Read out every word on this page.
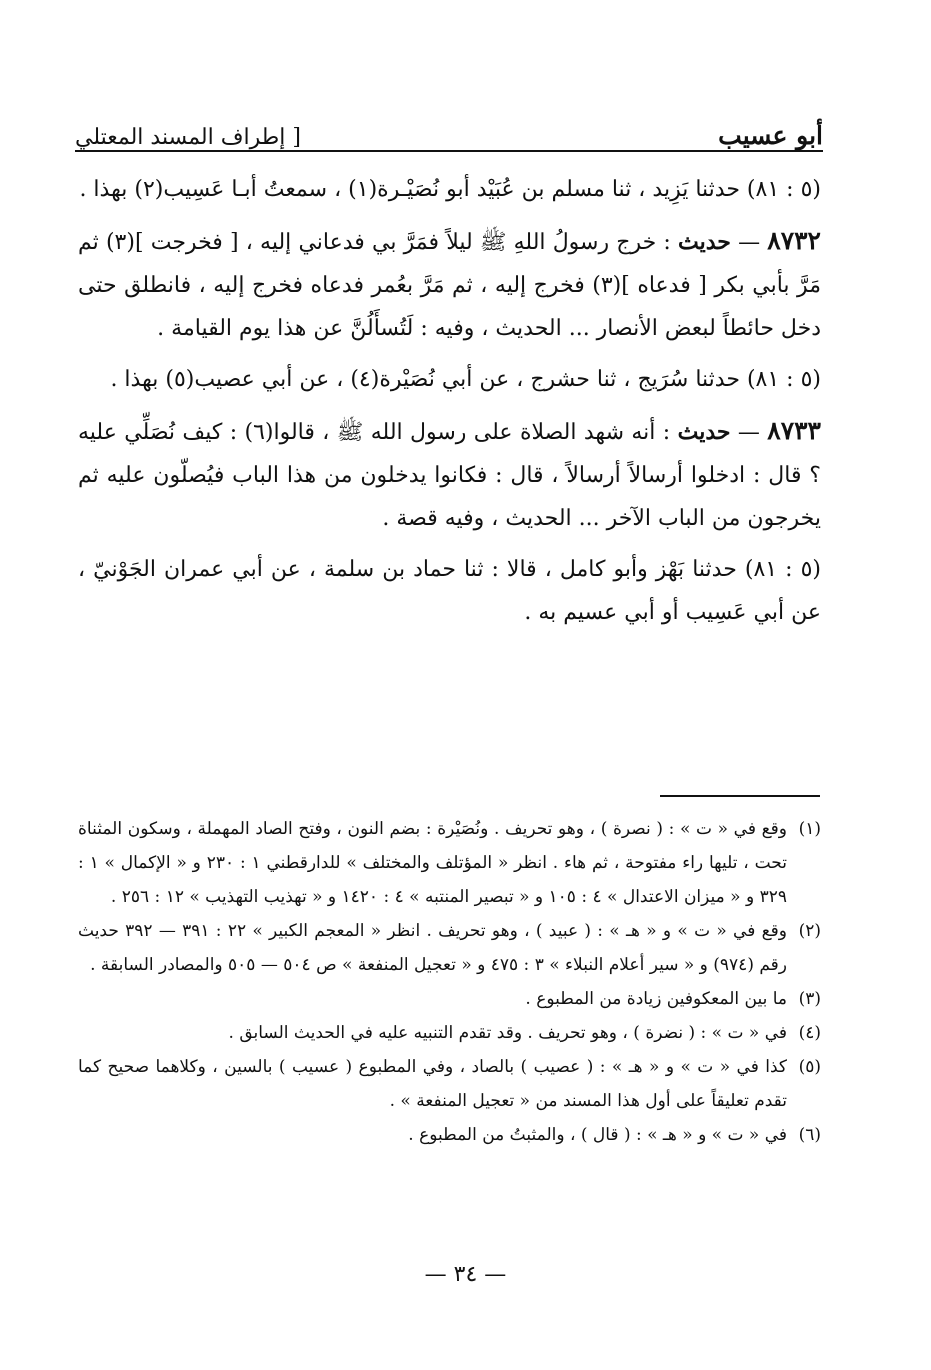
أبو عسيب
[ إطراف المسند المعتلي

(٥ : ٨١) حدثنا يَزِيد ، ثنا مسلم بن عُبَيْد أبو نُصَيْـرة(١) ، سمعتُ أبـا عَسِيب(٢) بهذا .

٨٧٣٢ — حديث : خرج رسولُ اللهِ ﷺ ليلاً فمَرَّ بي فدعاني إليه ، [ فخرجت ](٣) ثم مَرَّ بأبي بكر [ فدعاه ](٣) فخرج إليه ، ثم مَرَّ بعُمر فدعاه فخرج إليه ، فانطلق حتى دخل حائطاً لبعض الأنصار ... الحديث ، وفيه : لَتُسأَلُنَّ عن هذا يوم القيامة .

(٥ : ٨١) حدثنا سُرَيج ، ثنا حشرج ، عن أبي نُصَيْرة(٤) ، عن أبي عصيب(٥) بهذا .

٨٧٣٣ — حديث : أنه شهد الصلاة على رسول الله ﷺ ، قالوا(٦) : كيف نُصَلِّي عليه ؟ قال : ادخلوا أرسالاً أرسالاً ، قال : فكانوا يدخلون من هذا الباب فيُصلّون عليه ثم يخرجون من الباب الآخر ... الحديث ، وفيه قصة .

(٥ : ٨١) حدثنا بَهْز وأبو كامل ، قالا : ثنا حماد بن سلمة ، عن أبي عمران الجَوْنيّ ، عن أبي عَسِيب أو أبي عسيم به .

(١)
وقع في « ت » : ( نصرة ) ، وهو تحريف . ونُصَيْرة : بضم النون ، وفتح الصاد المهملة ، وسكون المثناة تحت ، تليها راء مفتوحة ، ثم هاء . انظر « المؤتلف والمختلف » للدارقطني ١ : ٢٣٠ و « الإكمال » ١ : ٣٢٩ و « ميزان الاعتدال » ٤ : ١٠٥ و « تبصير المنتبه » ٤ : ١٤٢٠ و « تهذيب التهذيب » ١٢ : ٢٥٦ .

(٢)
وقع في « ت » و « هـ » : ( عبيد ) ، وهو تحريف . انظر « المعجم الكبير » ٢٢ : ٣٩١ — ٣٩٢ حديث رقم (٩٧٤) و « سير أعلام النبلاء » ٣ : ٤٧٥ و « تعجيل المنفعة » ص ٥٠٤ — ٥٠٥ والمصادر السابقة .

(٣)
ما بين المعكوفين زيادة من المطبوع .

(٤)
في « ت » : ( نضرة ) ، وهو تحريف . وقد تقدم التنبيه عليه في الحديث السابق .

(٥)
كذا في « ت » و « هـ » : ( عصيب ) بالصاد ، وفي المطبوع ( عسيب ) بالسين ، وكلاهما صحيح كما تقدم تعليقاً على أول هذا المسند من « تعجيل المنفعة » .

(٦)
في « ت » و « هـ » : ( قال ) ، والمثبتُ من المطبوع .

— ٣٤ —
